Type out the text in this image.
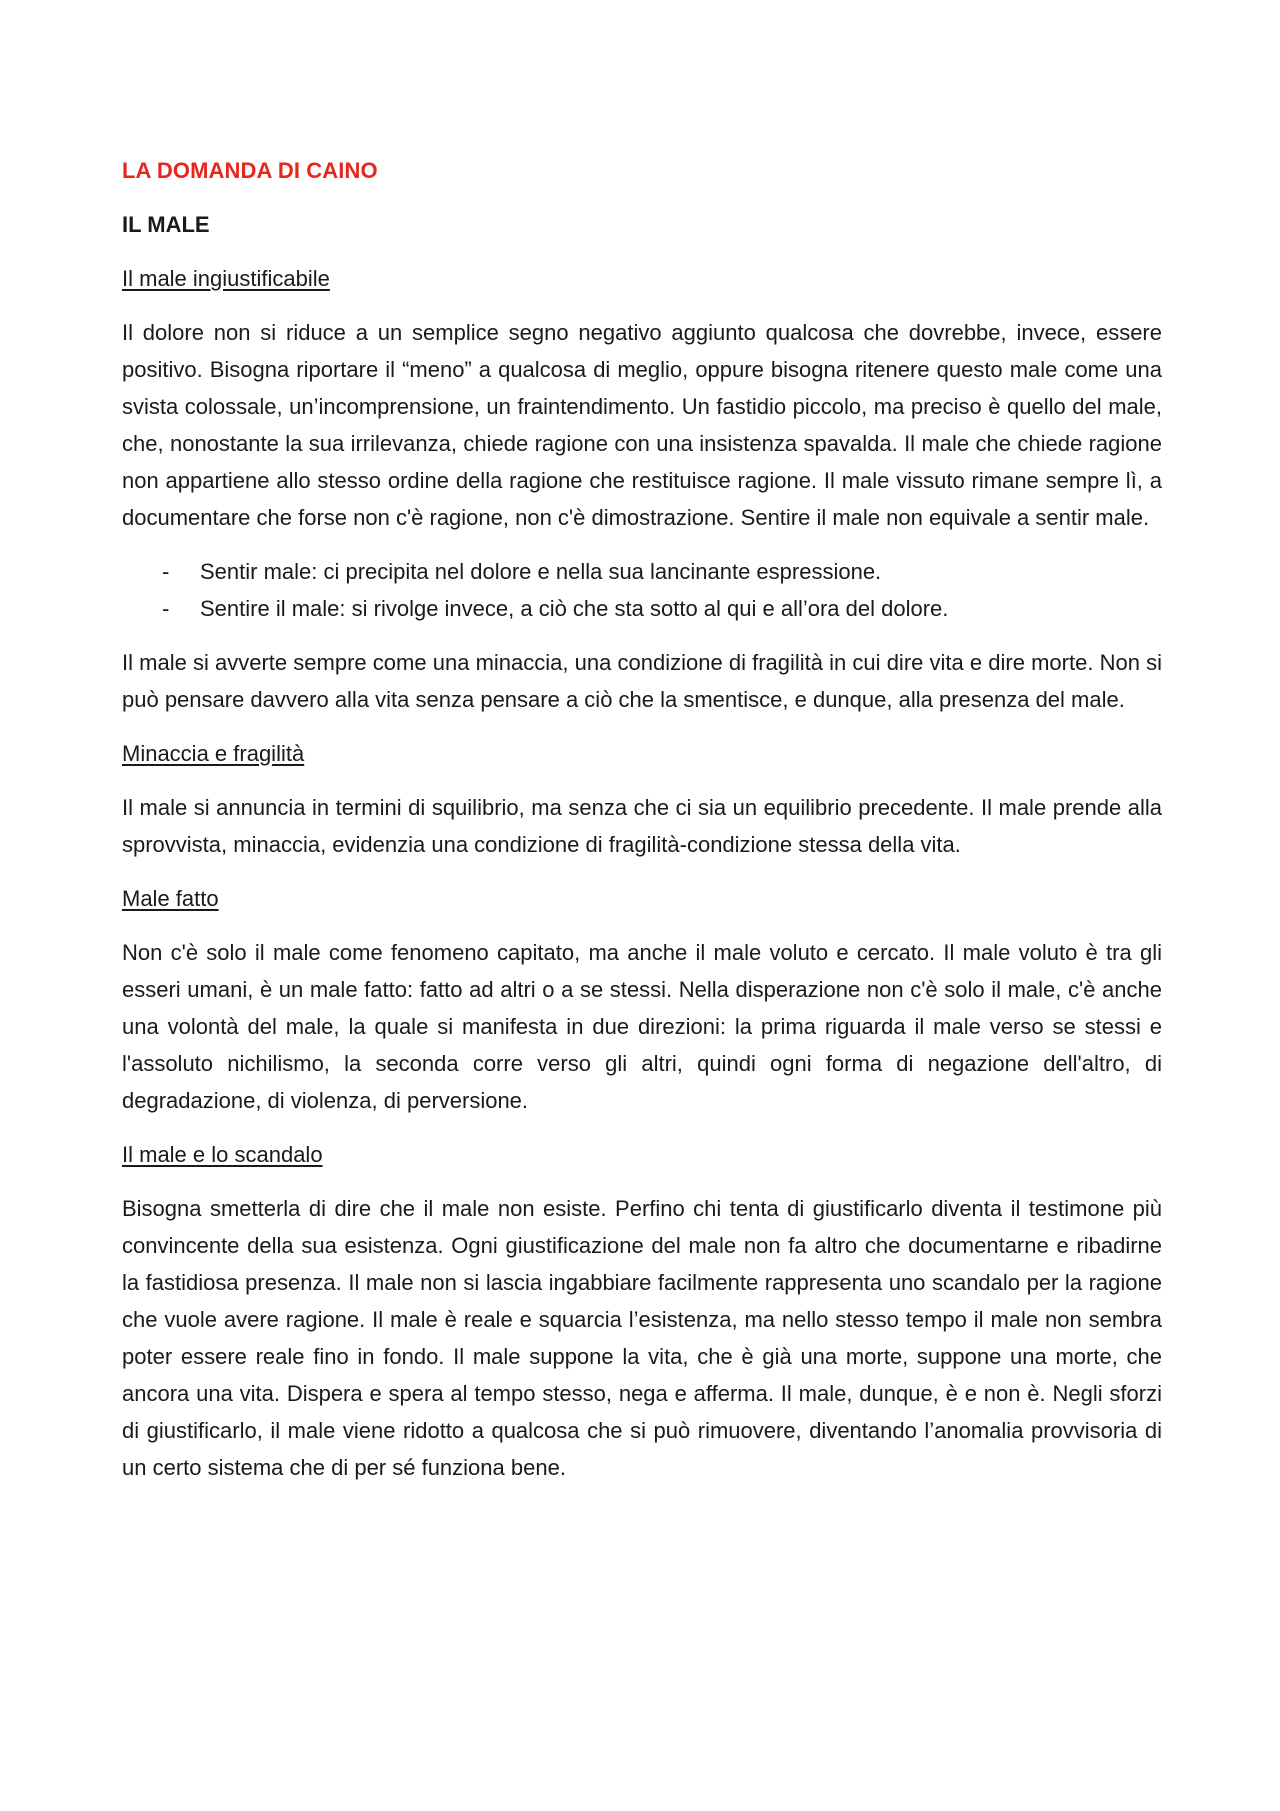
LA DOMANDA DI CAINO

IL MALE

Il male ingiustificabile

Il dolore non si riduce a un semplice segno negativo aggiunto qualcosa che dovrebbe, invece, essere positivo. Bisogna riportare il “meno” a qualcosa di meglio, oppure bisogna ritenere questo male come una svista colossale, un’incomprensione, un fraintendimento. Un fastidio piccolo, ma preciso è quello del male, che, nonostante la sua irrilevanza, chiede ragione con una insistenza spavalda. Il male che chiede ragione non appartiene allo stesso ordine della ragione che restituisce ragione. Il male vissuto rimane sempre lì, a documentare che forse non c'è ragione, non c'è dimostrazione. Sentire il male non equivale a sentir male.

- Sentir male: ci precipita nel dolore e nella sua lancinante espressione.
- Sentire il male: si rivolge invece, a ciò che sta sotto al qui e all’ora del dolore.

Il male si avverte sempre come una minaccia, una condizione di fragilità in cui dire vita e dire morte. Non si può pensare davvero alla vita senza pensare a ciò che la smentisce, e dunque, alla presenza del male.

Minaccia e fragilità

Il male si annuncia in termini di squilibrio, ma senza che ci sia un equilibrio precedente. Il male prende alla sprovvista, minaccia, evidenzia una condizione di fragilità-condizione stessa della vita.

Male fatto

Non c'è solo il male come fenomeno capitato, ma anche il male voluto e cercato. Il male voluto è tra gli esseri umani, è un male fatto: fatto ad altri o a se stessi. Nella disperazione non c'è solo il male, c'è anche una volontà del male, la quale si manifesta in due direzioni: la prima riguarda il male verso se stessi e l'assoluto nichilismo, la seconda corre verso gli altri, quindi ogni forma di negazione dell'altro, di degradazione, di violenza, di perversione.

Il male e lo scandalo

Bisogna smetterla di dire che il male non esiste. Perfino chi tenta di giustificarlo diventa il testimone più convincente della sua esistenza. Ogni giustificazione del male non fa altro che documentarne e ribadirne la fastidiosa presenza. Il male non si lascia ingabbiare facilmente rappresenta uno scandalo per la ragione che vuole avere ragione. Il male è reale e squarcia l’esistenza, ma nello stesso tempo il male non sembra poter essere reale fino in fondo. Il male suppone la vita, che è già una morte, suppone una morte, che ancora una vita. Dispera e spera al tempo stesso, nega e afferma. Il male, dunque, è e non è. Negli sforzi di giustificarlo, il male viene ridotto a qualcosa che si può rimuovere, diventando l’anomalia provvisoria di un certo sistema che di per sé funziona bene.
